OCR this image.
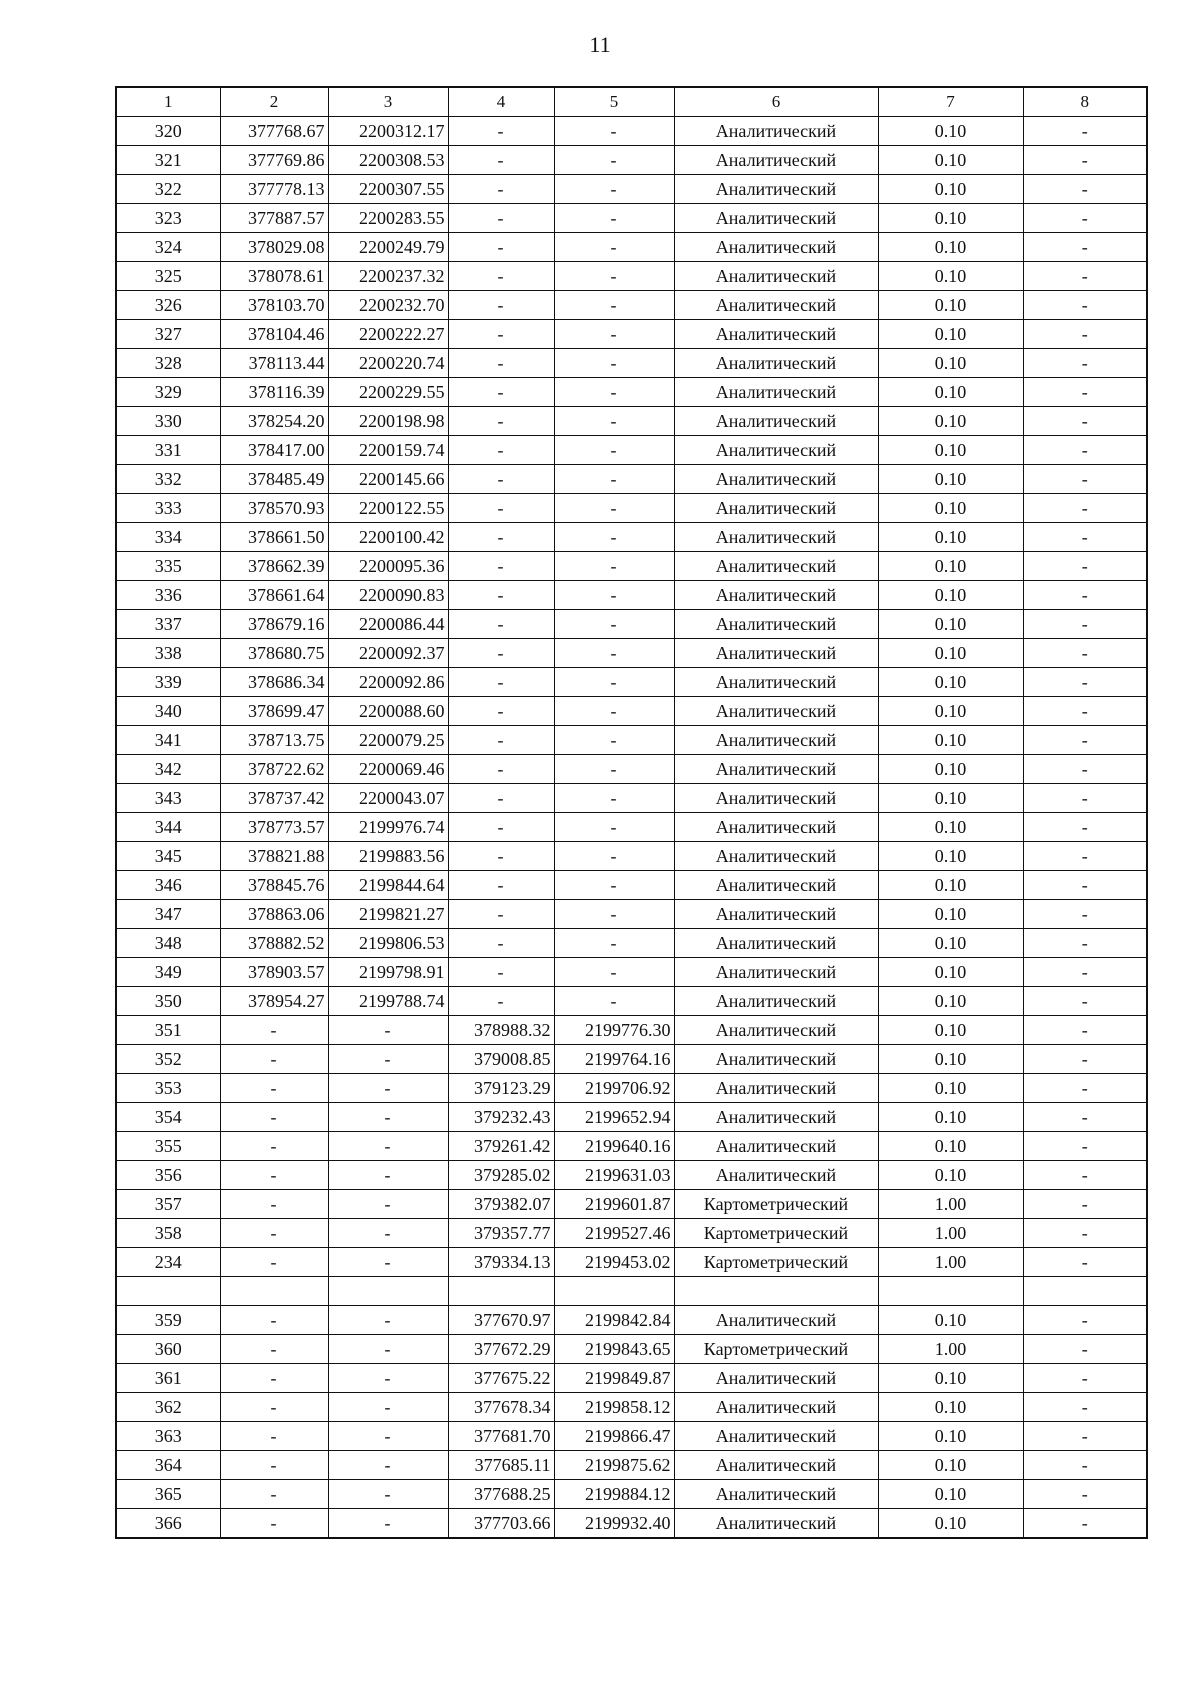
11
1	2	3	4	5	6	7	8
320	377768.67	2200312.17	-	-	Аналитический	0.10	-
321	377769.86	2200308.53	-	-	Аналитический	0.10	-
322	377778.13	2200307.55	-	-	Аналитический	0.10	-
323	377887.57	2200283.55	-	-	Аналитический	0.10	-
324	378029.08	2200249.79	-	-	Аналитический	0.10	-
325	378078.61	2200237.32	-	-	Аналитический	0.10	-
326	378103.70	2200232.70	-	-	Аналитический	0.10	-
327	378104.46	2200222.27	-	-	Аналитический	0.10	-
328	378113.44	2200220.74	-	-	Аналитический	0.10	-
329	378116.39	2200229.55	-	-	Аналитический	0.10	-
330	378254.20	2200198.98	-	-	Аналитический	0.10	-
331	378417.00	2200159.74	-	-	Аналитический	0.10	-
332	378485.49	2200145.66	-	-	Аналитический	0.10	-
333	378570.93	2200122.55	-	-	Аналитический	0.10	-
334	378661.50	2200100.42	-	-	Аналитический	0.10	-
335	378662.39	2200095.36	-	-	Аналитический	0.10	-
336	378661.64	2200090.83	-	-	Аналитический	0.10	-
337	378679.16	2200086.44	-	-	Аналитический	0.10	-
338	378680.75	2200092.37	-	-	Аналитический	0.10	-
339	378686.34	2200092.86	-	-	Аналитический	0.10	-
340	378699.47	2200088.60	-	-	Аналитический	0.10	-
341	378713.75	2200079.25	-	-	Аналитический	0.10	-
342	378722.62	2200069.46	-	-	Аналитический	0.10	-
343	378737.42	2200043.07	-	-	Аналитический	0.10	-
344	378773.57	2199976.74	-	-	Аналитический	0.10	-
345	378821.88	2199883.56	-	-	Аналитический	0.10	-
346	378845.76	2199844.64	-	-	Аналитический	0.10	-
347	378863.06	2199821.27	-	-	Аналитический	0.10	-
348	378882.52	2199806.53	-	-	Аналитический	0.10	-
349	378903.57	2199798.91	-	-	Аналитический	0.10	-
350	378954.27	2199788.74	-	-	Аналитический	0.10	-
351	-	-	378988.32	2199776.30	Аналитический	0.10	-
352	-	-	379008.85	2199764.16	Аналитический	0.10	-
353	-	-	379123.29	2199706.92	Аналитический	0.10	-
354	-	-	379232.43	2199652.94	Аналитический	0.10	-
355	-	-	379261.42	2199640.16	Аналитический	0.10	-
356	-	-	379285.02	2199631.03	Аналитический	0.10	-
357	-	-	379382.07	2199601.87	Картометрический	1.00	-
358	-	-	379357.77	2199527.46	Картометрический	1.00	-
234	-	-	379334.13	2199453.02	Картометрический	1.00	-

359	-	-	377670.97	2199842.84	Аналитический	0.10	-
360	-	-	377672.29	2199843.65	Картометрический	1.00	-
361	-	-	377675.22	2199849.87	Аналитический	0.10	-
362	-	-	377678.34	2199858.12	Аналитический	0.10	-
363	-	-	377681.70	2199866.47	Аналитический	0.10	-
364	-	-	377685.11	2199875.62	Аналитический	0.10	-
365	-	-	377688.25	2199884.12	Аналитический	0.10	-
366	-	-	377703.66	2199932.40	Аналитический	0.10	-
